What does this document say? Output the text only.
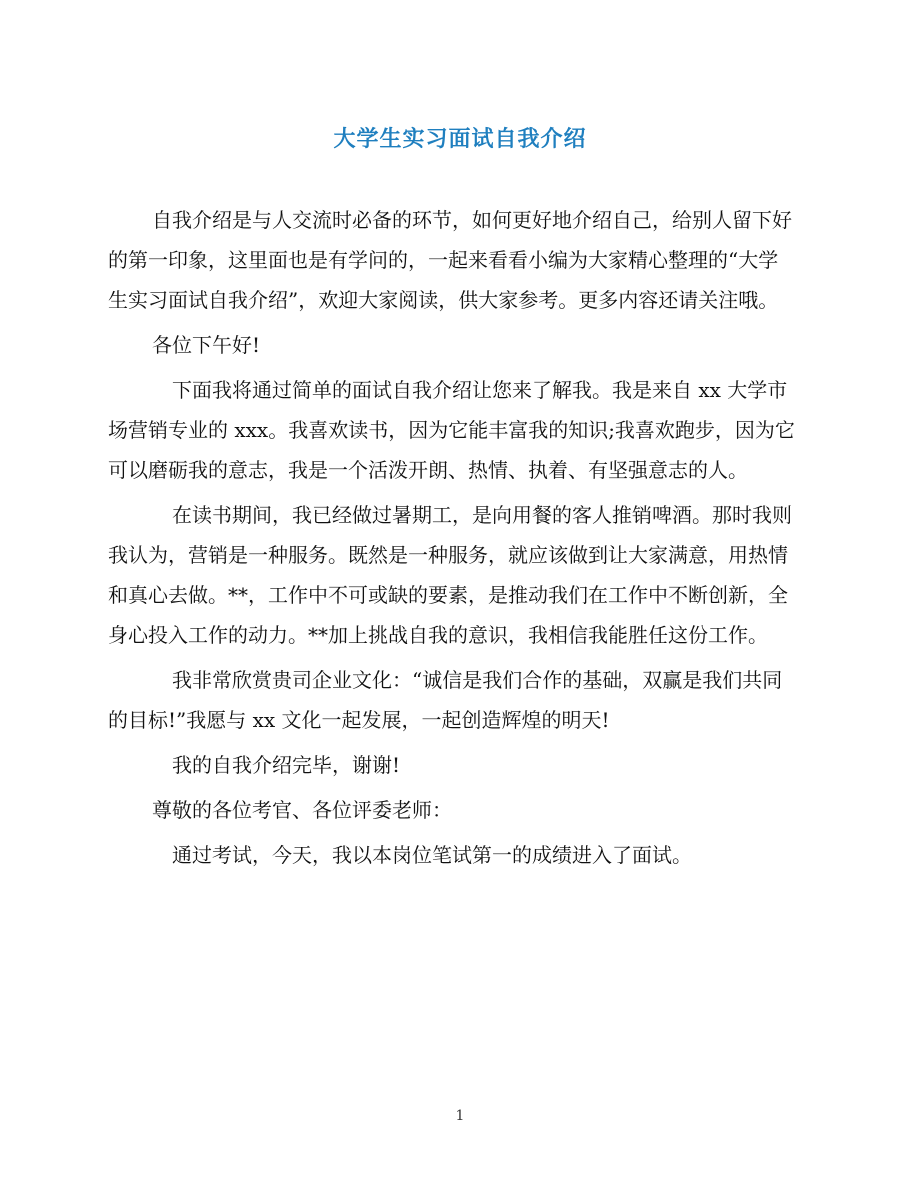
大学生实习面试自我介绍

自我介绍是与人交流时必备的环节，如何更好地介绍自己，给别人留下好的第一印象，这里面也是有学问的，一起来看看小编为大家精心整理的“大学生实习面试自我介绍”，欢迎大家阅读，供大家参考。更多内容还请关注哦。

各位下午好!

下面我将通过简单的面试自我介绍让您来了解我。我是来自 xx 大学市场营销专业的 xxx。我喜欢读书，因为它能丰富我的知识;我喜欢跑步，因为它可以磨砺我的意志，我是一个活泼开朗、热情、执着、有坚强意志的人。

在读书期间，我已经做过暑期工，是向用餐的客人推销啤酒。那时我则我认为，营销是一种服务。既然是一种服务，就应该做到让大家满意，用热情和真心去做。**，工作中不可或缺的要素，是推动我们在工作中不断创新，全身心投入工作的动力。**加上挑战自我的意识，我相信我能胜任这份工作。

我非常欣赏贵司企业文化：“诚信是我们合作的基础，双赢是我们共同的目标!”我愿与 xx 文化一起发展，一起创造辉煌的明天!

我的自我介绍完毕，谢谢!

尊敬的各位考官、各位评委老师：

通过考试，今天，我以本岗位笔试第一的成绩进入了面试。

1
